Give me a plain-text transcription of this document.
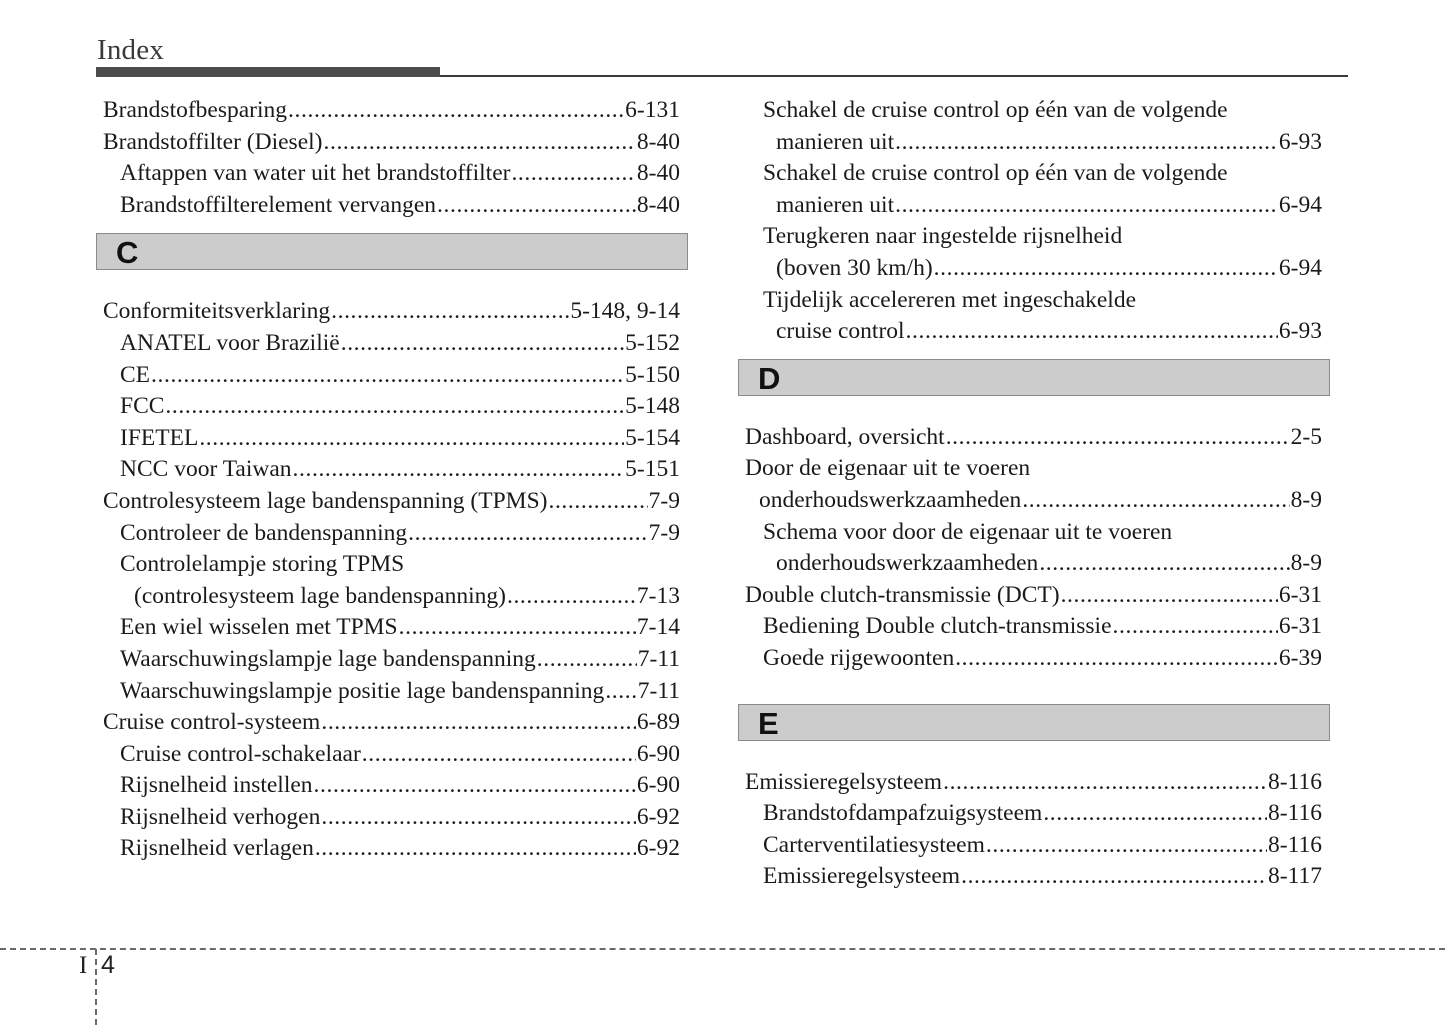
Index
Brandstofbesparing .....	6-131
Brandstoffilter (Diesel) .....	8-40
Aftappen van water uit het brandstoffilter .....	8-40
Brandstoffilterelement vervangen .....	8-40
C
Conformiteitsverklaring .....	5-148, 9-14
ANATEL voor Brazilië .....	5-152
CE .....	5-150
FCC .....	5-148
IFETEL .....	5-154
NCC voor Taiwan .....	5-151
Controlesysteem lage bandenspanning (TPMS) .....	7-9
Controleer de bandenspanning .....	7-9
Controlelampje storing TPMS
(controlesysteem lage bandenspanning) .....	7-13
Een wiel wisselen met TPMS .....	7-14
Waarschuwingslampje lage bandenspanning .....	7-11
Waarschuwingslampje positie lage bandenspanning ..... 7-11
Cruise control-systeem .....	6-89
Cruise control-schakelaar .....	6-90
Rijsnelheid instellen .....	6-90
Rijsnelheid verhogen .....	6-92
Rijsnelheid verlagen .....	6-92
Schakel de cruise control op één van de volgende
manieren uit .....	6-93
Schakel de cruise control op één van de volgende
manieren uit .....	6-94
Terugkeren naar ingestelde rijsnelheid
(boven 30 km/h) .....	6-94
Tijdelijk accelereren met ingeschakelde
cruise control .....	6-93
D
Dashboard, oversicht .....	2-5
Door de eigenaar uit te voeren
onderhoudswerkzaamheden .....	8-9
Schema voor door de eigenaar uit te voeren
onderhoudswerkzaamheden .....	8-9
Double clutch-transmissie (DCT) .....	6-31
Bediening Double clutch-transmissie .....	6-31
Goede rijgewoonten .....	6-39
E
Emissieregelsysteem .....	8-116
Brandstofdampafzuigsysteem .....	8-116
Carterventilatiesysteem .....	8-116
Emissieregelsysteem .....	8-117
I 4
